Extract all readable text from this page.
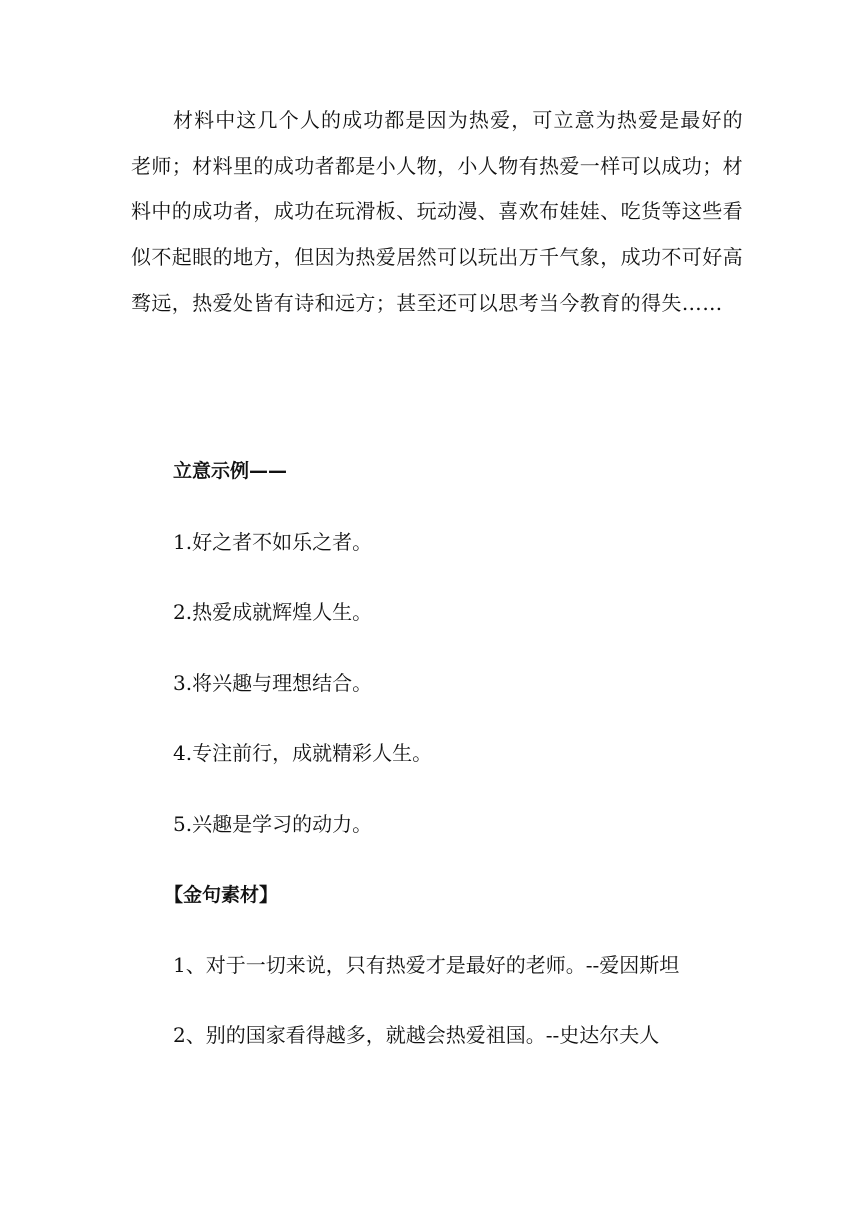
材料中这几个人的成功都是因为热爱，可立意为热爱是最好的老师；材料里的成功者都是小人物，小人物有热爱一样可以成功；材料中的成功者，成功在玩滑板、玩动漫、喜欢布娃娃、吃货等这些看似不起眼的地方，但因为热爱居然可以玩出万千气象，成功不可好高骛远，热爱处皆有诗和远方；甚至还可以思考当今教育的得失……
立意示例——
1.好之者不如乐之者。
2.热爱成就辉煌人生。
3.将兴趣与理想结合。
4.专注前行，成就精彩人生。
5.兴趣是学习的动力。
【金句素材】
1、对于一切来说，只有热爱才是最好的老师。--爱因斯坦
2、别的国家看得越多，就越会热爱祖国。--史达尔夫人
